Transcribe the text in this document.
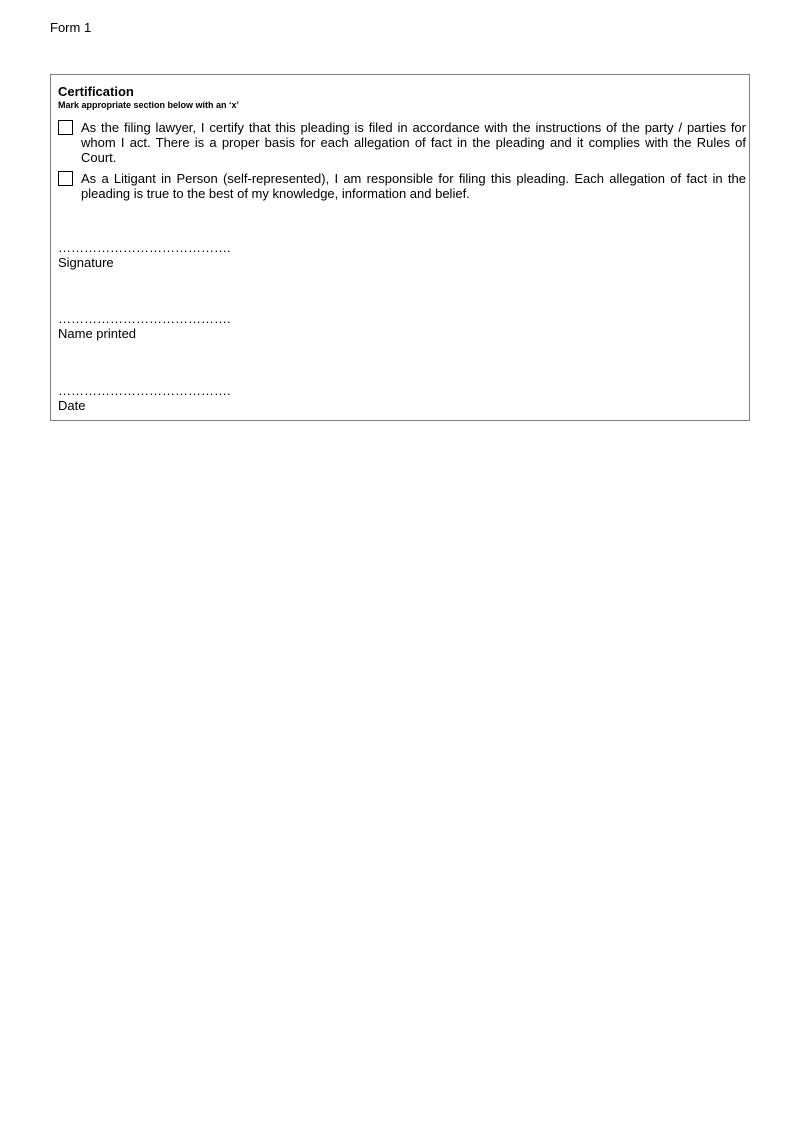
Form 1
Certification
Mark appropriate section below with an ‘x’
As the filing lawyer, I certify that this pleading is filed in accordance with the instructions of the party / parties for whom I act. There is a proper basis for each allegation of fact in the pleading and it complies with the Rules of Court.
As a Litigant in Person (self-represented), I am responsible for filing this pleading. Each allegation of fact in the pleading is true to the best of my knowledge, information and belief.
………………………………….
Signature
………………………………….
Name printed
………………………………….
Date
